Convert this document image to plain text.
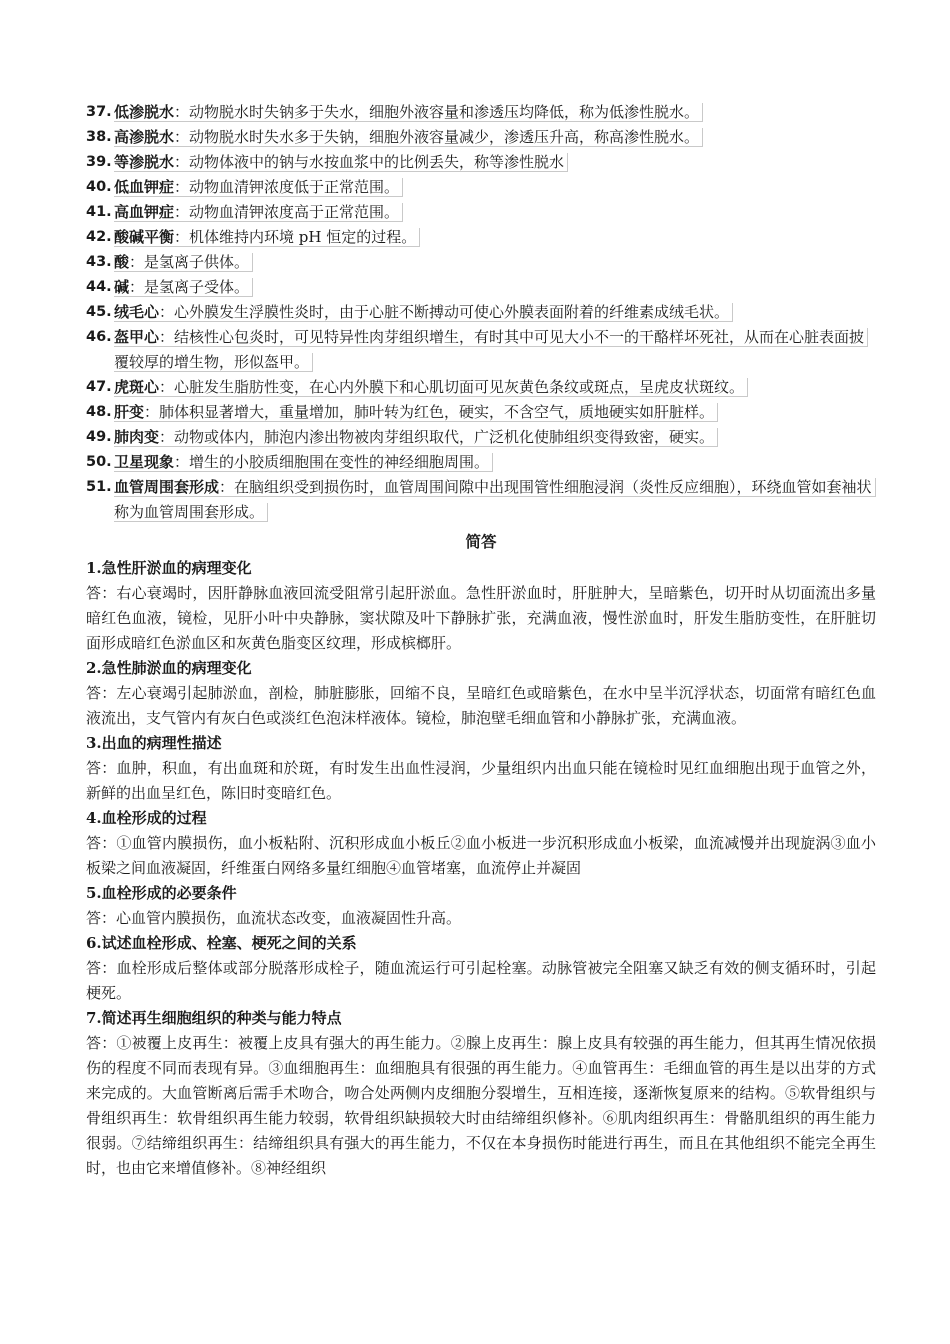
37. 低渗脱水：动物脱水时失钠多于失水，细胞外液容量和渗透压均降低，称为低渗性脱水。
38. 高渗脱水：动物脱水时失水多于失钠，细胞外液容量减少，渗透压升高，称高渗性脱水。
39. 等渗脱水：动物体液中的钠与水按血浆中的比例丢失，称等渗性脱水
40. 低血钾症：动物血清钾浓度低于正常范围。
41. 高血钾症：动物血清钾浓度高于正常范围。
42. 酸碱平衡：机体维持内环境 pH 恒定的过程。
43. 酸：是氢离子供体。
44. 碱：是氢离子受体。
45. 绒毛心：心外膜发生浮膜性炎时，由于心脏不断搏动可使心外膜表面附着的纤维素成绒毛状。
46. 盔甲心：结核性心包炎时，可见特异性肉芽组织增生，有时其中可见大小不一的干酪样坏死社，从而在心脏表面披覆较厚的增生物，形似盔甲。
47. 虎斑心：心脏发生脂肪性变，在心内外膜下和心肌切面可见灰黄色条纹或斑点，呈虎皮状斑纹。
48. 肝变：肺体积显著增大，重量增加，肺叶转为红色，硬实，不含空气，质地硬实如肝脏样。
49. 肺肉变：动物或体内，肺泡内渗出物被肉芽组织取代，广泛机化使肺组织变得致密，硬实。
50. 卫星现象：增生的小胶质细胞围在变性的神经细胞周围。
51. 血管周围套形成：在脑组织受到损伤时，血管周围间隙中出现围管性细胞浸润（炎性反应细胞），环绕血管如套袖状称为血管周围套形成。
简答
1.急性肝淤血的病理变化
答：右心衰竭时，因肝静脉血液回流受阻常引起肝淤血。急性肝淤血时，肝脏肿大，呈暗紫色，切开时从切面流出多量暗红色血液，镜检，见肝小叶中央静脉，窦状隙及叶下静脉扩张，充满血液，慢性淤血时，肝发生脂肪变性，在肝脏切面形成暗红色淤血区和灰黄色脂变区纹理，形成槟榔肝。
2.急性肺淤血的病理变化
答：左心衰竭引起肺淤血，剖检，肺脏膨胀，回缩不良，呈暗红色或暗紫色，在水中呈半沉浮状态，切面常有暗红色血液流出，支气管内有灰白色或淡红色泡沫样液体。镜检，肺泡壁毛细血管和小静脉扩张，充满血液。
3.出血的病理性描述
答：血肿，积血，有出血斑和於斑，有时发生出血性浸润，少量组织内出血只能在镜检时见红血细胞出现于血管之外，新鲜的出血呈红色，陈旧时变暗红色。
4.血栓形成的过程
答：①血管内膜损伤，血小板粘附、沉积形成血小板丘②血小板进一步沉积形成血小板梁，血流减慢并出现旋涡③血小板梁之间血液凝固，纤维蛋白网络多量红细胞④血管堵塞，血流停止并凝固
5.血栓形成的必要条件
答：心血管内膜损伤，血流状态改变，血液凝固性升高。
6.试述血栓形成、栓塞、梗死之间的关系
答：血栓形成后整体或部分脱落形成栓子，随血流运行可引起栓塞。动脉管被完全阻塞又缺乏有效的侧支循环时，引起梗死。
7.简述再生细胞组织的种类与能力特点
答：①被覆上皮再生：被覆上皮具有强大的再生能力。②腺上皮再生：腺上皮具有较强的再生能力，但其再生情况依损伤的程度不同而表现有异。③血细胞再生：血细胞具有很强的再生能力。④血管再生：毛细血管的再生是以出芽的方式来完成的。大血管断离后需手术吻合，吻合处两侧内皮细胞分裂增生，互相连接，逐渐恢复原来的结构。⑤软骨组织与骨组织再生：软骨组织再生能力较弱，软骨组织缺损较大时由结缔组织修补。⑥肌肉组织再生：骨骼肌组织的再生能力很弱。⑦结缔组织再生：结缔组织具有强大的再生能力，不仅在本身损伤时能进行再生，而且在其他组织不能完全再生时，也由它来增值修补。⑧神经组织
